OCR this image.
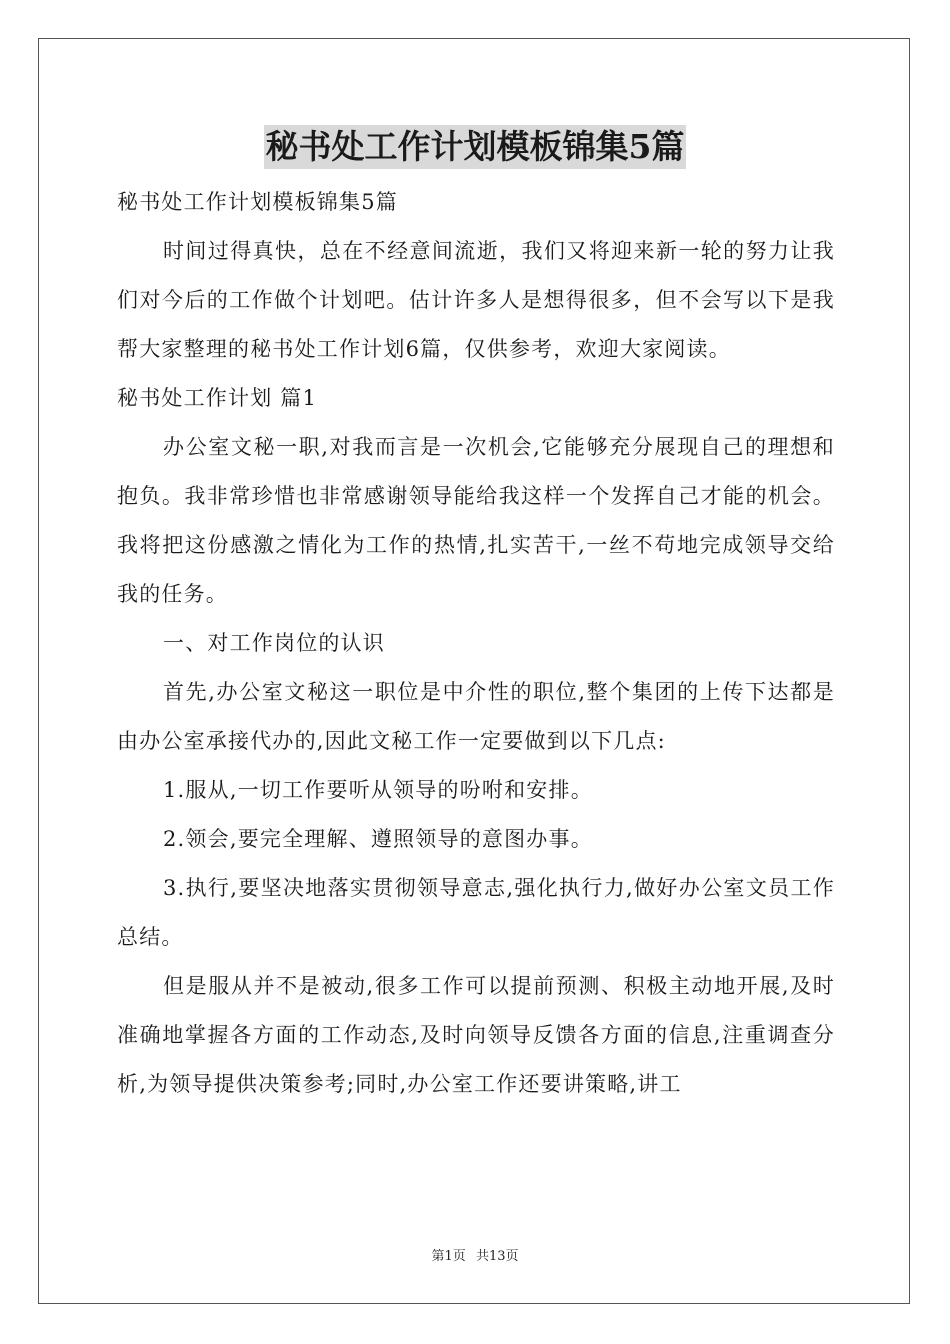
秘书处工作计划模板锦集5篇

秘书处工作计划模板锦集5篇

时间过得真快，总在不经意间流逝，我们又将迎来新一轮的努力让我们对今后的工作做个计划吧。估计许多人是想得很多，但不会写以下是我帮大家整理的秘书处工作计划6篇，仅供参考，欢迎大家阅读。

秘书处工作计划 篇1

办公室文秘一职,对我而言是一次机会,它能够充分展现自己的理想和抱负。我非常珍惜也非常感谢领导能给我这样一个发挥自己才能的机会。我将把这份感激之情化为工作的热情,扎实苦干,一丝不苟地完成领导交给我的任务。

一、对工作岗位的认识

首先,办公室文秘这一职位是中介性的职位,整个集团的上传下达都是由办公室承接代办的,因此文秘工作一定要做到以下几点:

1.服从,一切工作要听从领导的吩咐和安排。

2.领会,要完全理解、遵照领导的意图办事。

3.执行,要坚决地落实贯彻领导意志,强化执行力,做好办公室文员工作总结。

但是服从并不是被动,很多工作可以提前预测、积极主动地开展,及时准确地掌握各方面的工作动态,及时向领导反馈各方面的信息,注重调查分析,为领导提供决策参考;同时,办公室工作还要讲策略,讲工

第1页 共13页
